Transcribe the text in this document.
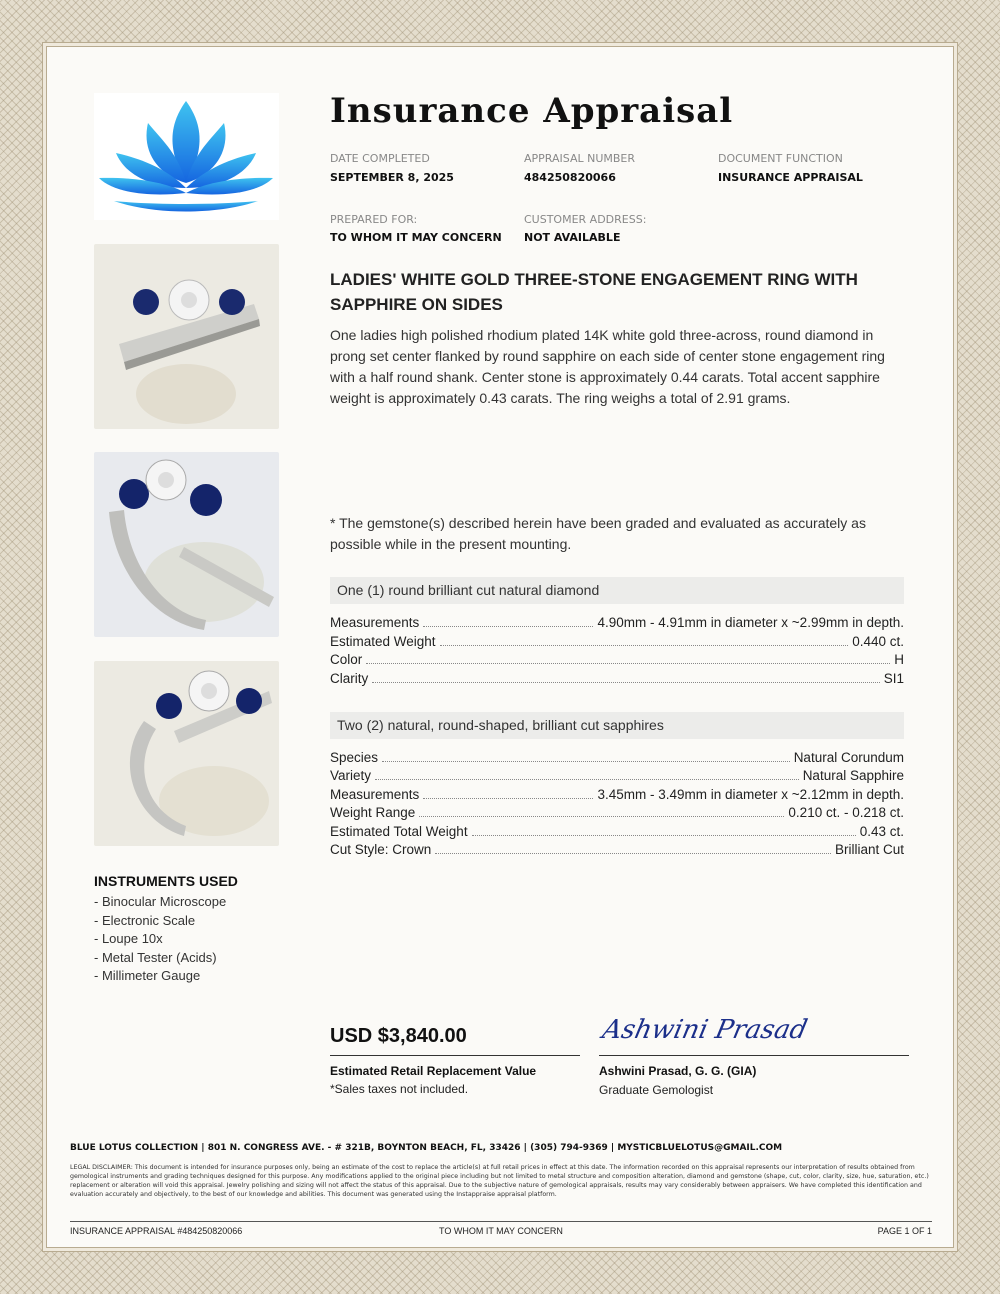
Insurance Appraisal
DATE COMPLETED
SEPTEMBER 8, 2025
APPRAISAL NUMBER
484250820066
DOCUMENT FUNCTION
INSURANCE APPRAISAL
PREPARED FOR:
TO WHOM IT MAY CONCERN
CUSTOMER ADDRESS:
NOT AVAILABLE
LADIES' WHITE GOLD THREE-STONE ENGAGEMENT RING WITH SAPPHIRE ON SIDES
One ladies high polished rhodium plated 14K white gold three-across, round diamond in prong set center flanked by round sapphire on each side of center stone engagement ring with a half round shank. Center stone is approximately 0.44 carats. Total accent sapphire weight is approximately 0.43 carats. The ring weighs a total of 2.91 grams.
* The gemstone(s) described herein have been graded and evaluated as accurately as possible while in the present mounting.
One (1) round brilliant cut natural diamond
Measurements	4.90mm - 4.91mm in diameter x ~2.99mm in depth.
Estimated Weight	0.440 ct.
Color	H
Clarity	SI1
Two (2) natural, round-shaped, brilliant cut sapphires
Species	Natural Corundum
Variety	Natural Sapphire
Measurements	3.45mm - 3.49mm in diameter x ~2.12mm in depth.
Weight Range	0.210 ct. - 0.218 ct.
Estimated Total Weight	0.43 ct.
Cut Style: Crown	Brilliant Cut
INSTRUMENTS USED
- Binocular Microscope
- Electronic Scale
- Loupe 10x
- Metal Tester (Acids)
- Millimeter Gauge
USD $3,840.00
Estimated Retail Replacement Value
*Sales taxes not included.
Ashwini Prasad
Ashwini Prasad, G. G. (GIA)
Graduate Gemologist
BLUE LOTUS COLLECTION | 801 N. CONGRESS AVE. - # 321B, BOYNTON BEACH, FL, 33426 | (305) 794-9369 | MYSTICBLUELOTUS@GMAIL.COM
LEGAL DISCLAIMER: This document is intended for insurance purposes only, being an estimate of the cost to replace the article(s) at full retail prices in effect at this date. The information recorded on this appraisal represents our interpretation of results obtained from gemological instruments and grading techniques designed for this purpose. Any modifications applied to the original piece including but not limited to metal structure and composition alteration, diamond and gemstone (shape, cut, color, clarity, size, hue, saturation, etc.) replacement or alteration will void this appraisal. Jewelry polishing and sizing will not affect the status of this appraisal. Due to the subjective nature of gemological appraisals, results may vary considerably between appraisers. We have completed this identification and evaluation accurately and objectively, to the best of our knowledge and abilities. This document was generated using the Instappraise appraisal platform.
INSURANCE APPRAISAL #484250820066	TO WHOM IT MAY CONCERN	PAGE 1 OF 1
